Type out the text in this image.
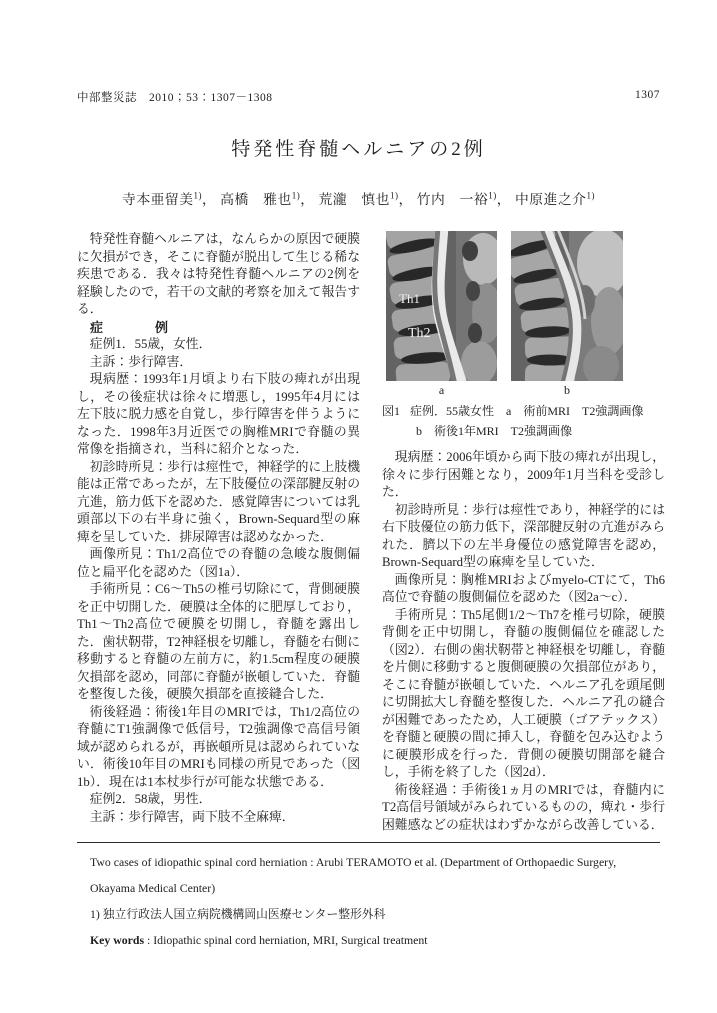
中部整災誌　2010；53：1307－1308	1307
特発性脊髄ヘルニアの2例
寺本亜留美$^{1)}$， 高橋　雅也$^{1)}$， 荒瀧　慎也$^{1)}$， 竹内　一裕$^{1)}$， 中原進之介$^{1)}$

特発性脊髄ヘルニアは，なんらかの原因で硬膜に欠損ができ，そこに脊髄が脱出して生じる稀な疾患である．我々は特発性脊髄ヘルニアの2例を経験したので，若干の文献的考察を加えて報告する．

症　　　　例

症例1．55歳，女性．

主訴：歩行障害．

現病歴：1993年1月頃より右下肢の痺れが出現し，その後症状は徐々に増悪し，1995年4月には左下肢に脱力感を自覚し，歩行障害を伴うようになった．1998年3月近医での胸椎MRIで脊髄の異常像を指摘され，当科に紹介となった．

初診時所見：歩行は痙性で，神経学的に上肢機能は正常であったが，左下肢優位の深部腱反射の亢進，筋力低下を認めた．感覚障害については乳頭部以下の右半身に強く，Brown-Sequard型の麻痺を呈していた．排尿障害は認めなかった．

画像所見：Th1/2高位での脊髄の急峻な腹側偏位と扁平化を認めた（図1a）．

手術所見：C6～Th5の椎弓切除にて，背側硬膜を正中切開した．硬膜は全体的に肥厚しており，Th1～Th2高位で硬膜を切開し，脊髄を露出した．歯状靭帯，T2神経根を切離し，脊髄を右側に移動すると脊髄の左前方に，約1.5cm程度の硬膜欠損部を認め，同部に脊髄が嵌頓していた．脊髄を整復した後，硬膜欠損部を直接縫合した．

術後経過：術後1年目のMRIでは，Th1/2高位の脊髄にT1強調像で低信号，T2強調像で高信号領域が認められるが，再嵌頓所見は認められていない．術後10年目のMRIも同様の所見であった（図1b）．現在は1本杖歩行が可能な状態である．

症例2．58歳，男性．

主訴：歩行障害，両下肢不全麻痺．

Th1
Th2
a	b
図1 症例．55歳女性　a　術前MRI　T2強調画像
b　術後1年MRI　T2強調画像

現病歴：2006年頃から両下肢の痺れが出現し，徐々に歩行困難となり，2009年1月当科を受診した．

初診時所見：歩行は痙性であり，神経学的には右下肢優位の筋力低下，深部腱反射の亢進がみられた．臍以下の左半身優位の感覚障害を認め，Brown-Sequard型の麻痺を呈していた．

画像所見：胸椎MRIおよびmyelo-CTにて，Th6高位で脊髄の腹側偏位を認めた（図2a～c）．

手術所見：Th5尾側1/2～Th7を椎弓切除，硬膜背側を正中切開し，脊髄の腹側偏位を確認した（図2）．右側の歯状靭帯と神経根を切離し，脊髄を片側に移動すると腹側硬膜の欠損部位があり，そこに脊髄が嵌頓していた．ヘルニア孔を頭尾側に切開拡大し脊髄を整復した．ヘルニア孔の縫合が困難であったため，人工硬膜（ゴアテックス）を脊髄と硬膜の間に挿入し，脊髄を包み込むように硬膜形成を行った．背側の硬膜切開部を縫合し，手術を終了した（図2d）．

術後経過：手術後1ヵ月のMRIでは，脊髄内にT2高信号領域がみられているものの，痺れ・歩行困難感などの症状はわずかながら改善している．

Two cases of idiopathic spinal cord herniation : Arubi TERAMOTO et al. (Department of Orthopaedic Surgery, Okayama Medical Center)

1) 独立行政法人国立病院機構岡山医療センター整形外科

Key words : Idiopathic spinal cord herniation, MRI, Surgical treatment
